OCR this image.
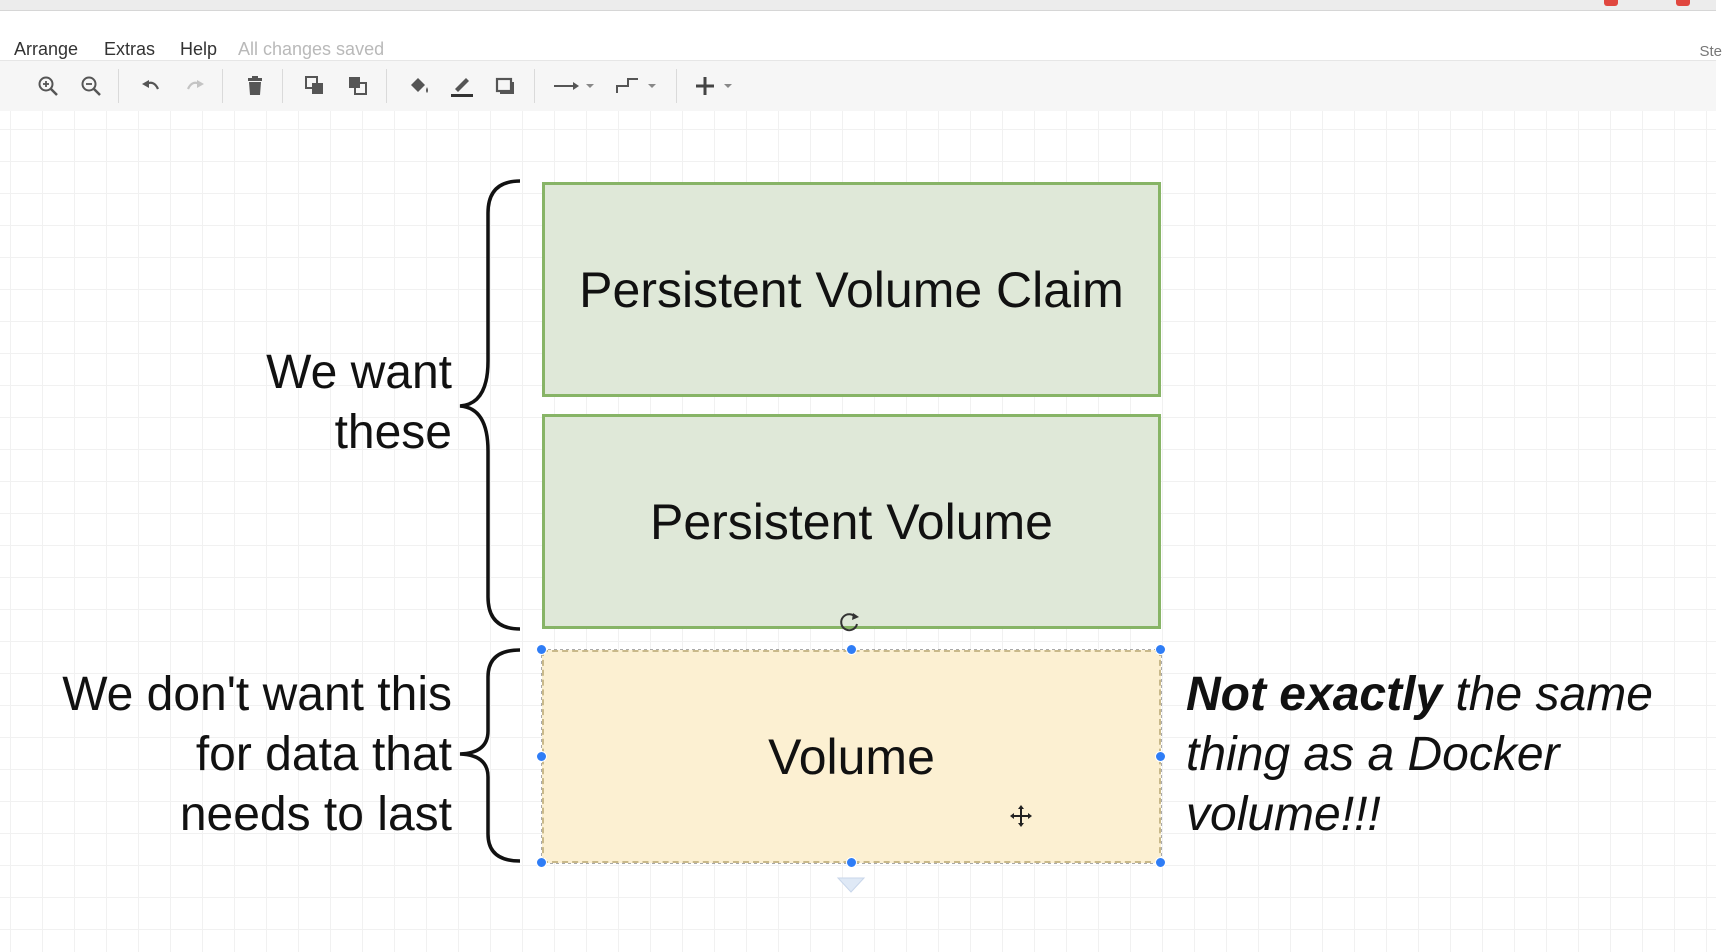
Arrange Extras Help All changes saved	Ste
Persistent Volume Claim
Persistent Volume
Volume
We want
these
We don't want this
for data that
needs to last
Not exactly the same
thing as a Docker
volume!!!
